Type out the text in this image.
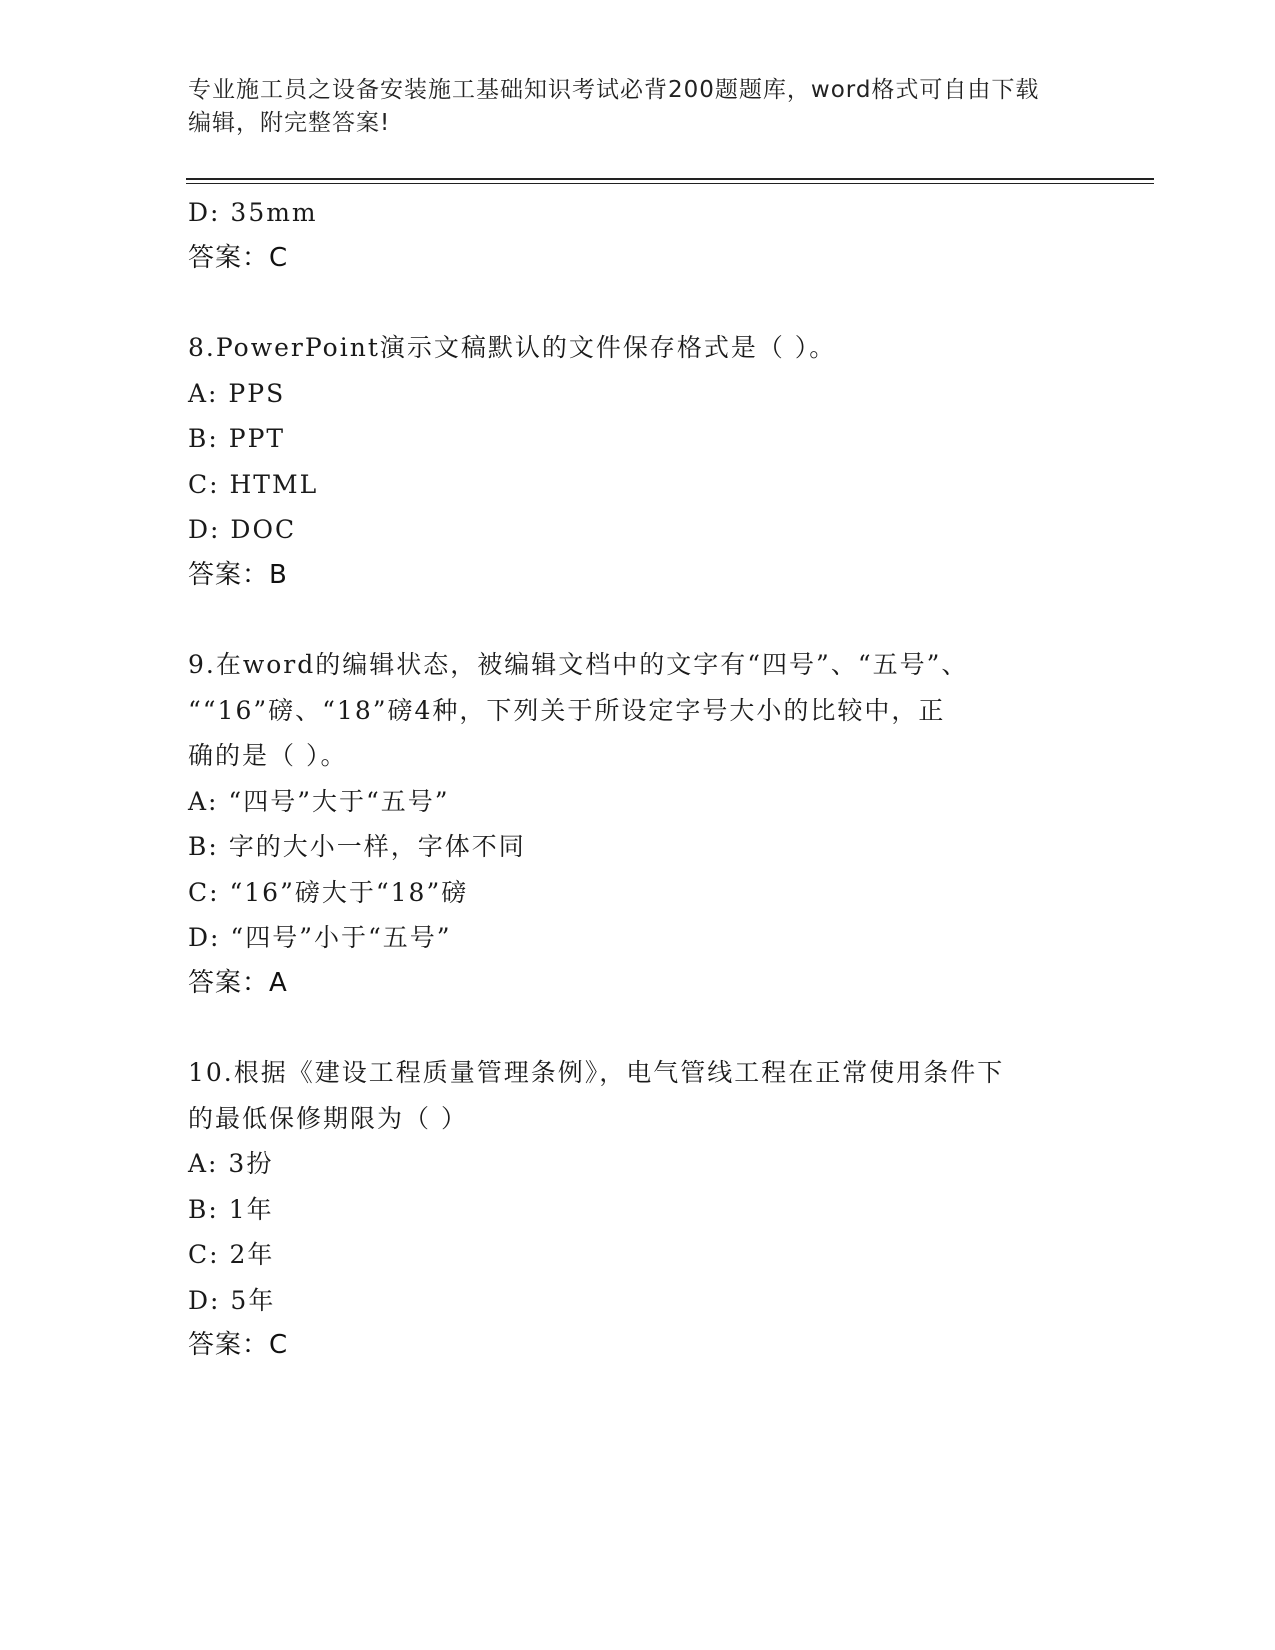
专业施工员之设备安装施工基础知识考试必背200题题库，word格式可自由下载
编辑，附完整答案!
D: 35mm
答案：C
8.PowerPoint演示文稿默认的文件保存格式是（ ）。
A: PPS
B: PPT
C: HTML
D: DOC
答案：B
9.在word的编辑状态，被编辑文档中的文字有“四号”、“五号”、
““16”磅、“18”磅4种，下列关于所设定字号大小的比较中，正
确的是（ ）。
A: “四号”大于“五号”
B: 字的大小一样，字体不同
C: “16”磅大于“18”磅
D: “四号”小于“五号”
答案：A
10.根据《建设工程质量管理条例》，电气管线工程在正常使用条件下
的最低保修期限为（ ）
A: 3扮
B: 1年
C: 2年
D: 5年
答案：C
